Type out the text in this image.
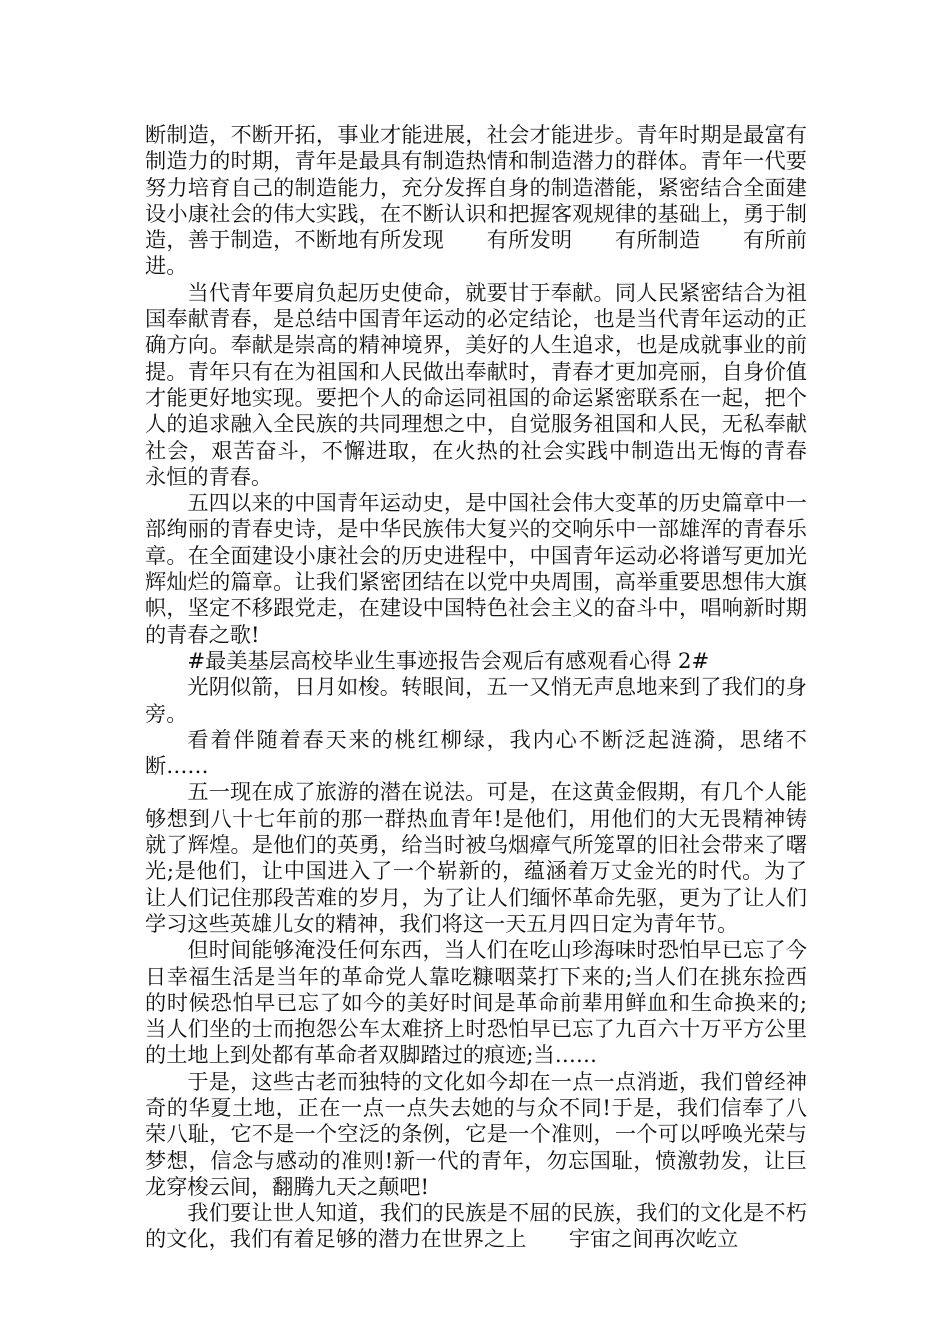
断制造，不断开拓，事业才能进展，社会才能进步。青年时期是最富有制造力的时期，青年是最具有制造热情和制造潜力的群体。青年一代要努力培育自己的制造能力，充分发挥自身的制造潜能，紧密结合全面建设小康社会的伟大实践，在不断认识和把握客观规律的基础上，勇于制造，善于制造，不断地有所发现　　有所发明　　有所制造　　有所前进。

当代青年要肩负起历史使命，就要甘于奉献。同人民紧密结合为祖国奉献青春，是总结中国青年运动的必定结论，也是当代青年运动的正确方向。奉献是崇高的精神境界，美好的人生追求，也是成就事业的前提。青年只有在为祖国和人民做出奉献时，青春才更加亮丽，自身价值才能更好地实现。要把个人的命运同祖国的命运紧密联系在一起，把个人的追求融入全民族的共同理想之中，自觉服务祖国和人民，无私奉献社会，艰苦奋斗，不懈进取，在火热的社会实践中制造出无悔的青春　　永恒的青春。

五四以来的中国青年运动史，是中国社会伟大变革的历史篇章中一部绚丽的青春史诗，是中华民族伟大复兴的交响乐中一部雄浑的青春乐章。在全面建设小康社会的历史进程中，中国青年运动必将谱写更加光辉灿烂的篇章。让我们紧密团结在以党中央周围，高举重要思想伟大旗帜，坚定不移跟党走，在建设中国特色社会主义的奋斗中，唱响新时期的青春之歌!

#最美基层高校毕业生事迹报告会观后有感观看心得 2#

光阴似箭，日月如梭。转眼间，五一又悄无声息地来到了我们的身旁。

看着伴随着春天来的桃红柳绿，我内心不断泛起涟漪，思绪不断……

五一现在成了旅游的潜在说法。可是，在这黄金假期，有几个人能够想到八十七年前的那一群热血青年!是他们，用他们的大无畏精神铸就了辉煌。是他们的英勇，给当时被乌烟瘴气所笼罩的旧社会带来了曙光;是他们，让中国进入了一个崭新的，蕴涵着万丈金光的时代。为了让人们记住那段苦难的岁月，为了让人们缅怀革命先驱，更为了让人们学习这些英雄儿女的精神，我们将这一天五月四日定为青年节。

但时间能够淹没任何东西，当人们在吃山珍海味时恐怕早已忘了今日幸福生活是当年的革命党人靠吃糠咽菜打下来的;当人们在挑东捡西的时候恐怕早已忘了如今的美好时间是革命前辈用鲜血和生命换来的;当人们坐的士而抱怨公车太难挤上时恐怕早已忘了九百六十万平方公里的土地上到处都有革命者双脚踏过的痕迹;当……

于是，这些古老而独特的文化如今却在一点一点消逝，我们曾经神奇的华夏土地，正在一点一点失去她的与众不同!于是，我们信奉了八荣八耻，它不是一个空泛的条例，它是一个准则，一个可以呼唤光荣与梦想，信念与感动的准则!新一代的青年，勿忘国耻，愤激勃发，让巨龙穿梭云间，翻腾九天之颠吧!

我们要让世人知道，我们的民族是不屈的民族，我们的文化是不朽的文化，我们有着足够的潜力在世界之上　　宇宙之间再次屹立
